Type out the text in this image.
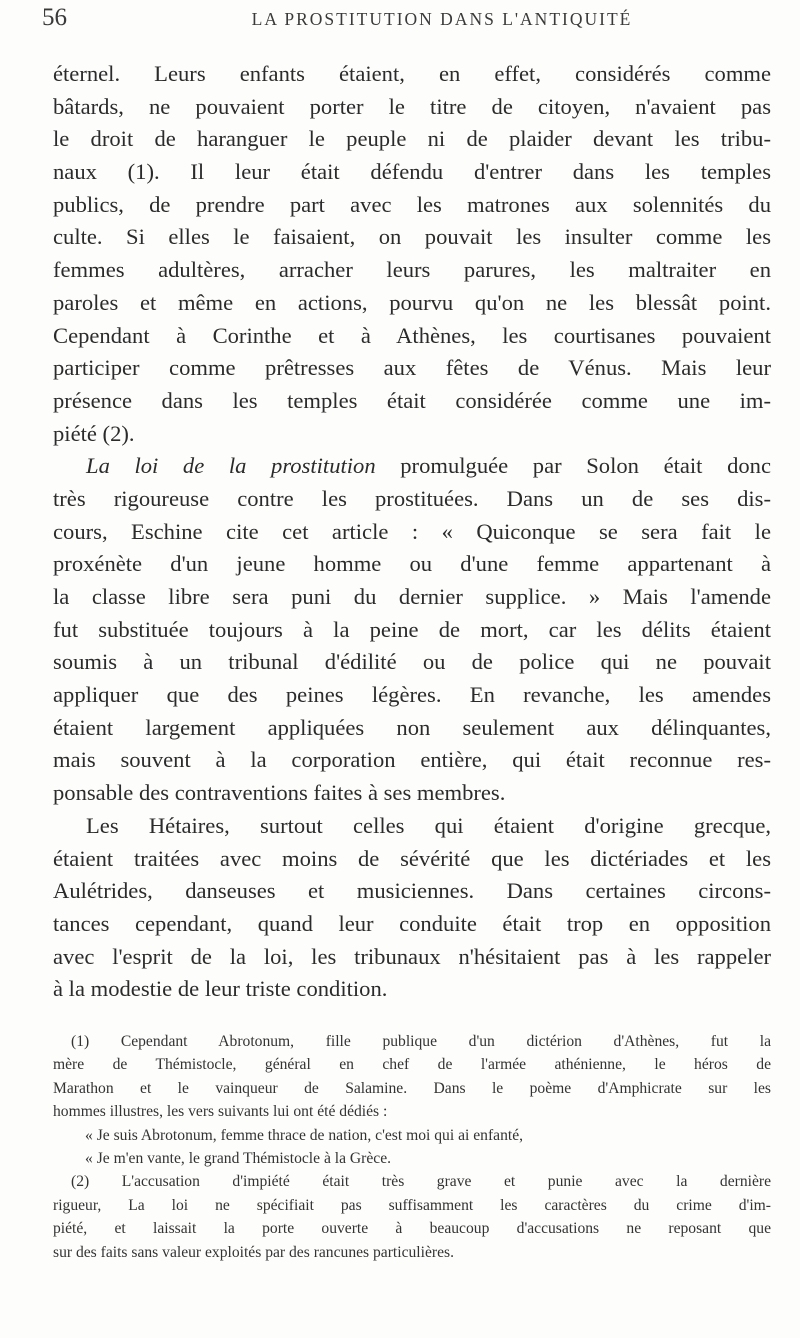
56	LA PROSTITUTION DANS L'ANTIQUITÉ
éternel. Leurs enfants étaient, en effet, considérés comme
bâtards, ne pouvaient porter le titre de citoyen, n'avaient pas
le droit de haranguer le peuple ni de plaider devant les tribu-
naux (1). Il leur était défendu d'entrer dans les temples
publics, de prendre part avec les matrones aux solennités du
culte. Si elles le faisaient, on pouvait les insulter comme les
femmes adultères, arracher leurs parures, les maltraiter en
paroles et même en actions, pourvu qu'on ne les blessât point.
Cependant à Corinthe et à Athènes, les courtisanes pouvaient
participer comme prêtresses aux fêtes de Vénus. Mais leur
présence dans les temples était considérée comme une im-
piété (2).
La loi de la prostitution promulguée par Solon était donc
très rigoureuse contre les prostituées. Dans un de ses dis-
cours, Eschine cite cet article : « Quiconque se sera fait le
proxénète d'un jeune homme ou d'une femme appartenant à
la classe libre sera puni du dernier supplice. » Mais l'amende
fut substituée toujours à la peine de mort, car les délits étaient
soumis à un tribunal d'édilité ou de police qui ne pouvait
appliquer que des peines légères. En revanche, les amendes
étaient largement appliquées non seulement aux délinquantes,
mais souvent à la corporation entière, qui était reconnue res-
ponsable des contraventions faites à ses membres.
Les Hétaires, surtout celles qui étaient d'origine grecque,
étaient traitées avec moins de sévérité que les dictériades et les
Aulétrides, danseuses et musiciennes. Dans certaines circons-
tances cependant, quand leur conduite était trop en opposition
avec l'esprit de la loi, les tribunaux n'hésitaient pas à les rappeler
à la modestie de leur triste condition.
(1) Cependant Abrotonum, fille publique d'un dictérion d'Athènes, fut la
mère de Thémistocle, général en chef de l'armée athénienne, le héros de
Marathon et le vainqueur de Salamine. Dans le poème d'Amphicrate sur les
hommes illustres, les vers suivants lui ont été dédiés :
« Je suis Abrotonum, femme thrace de nation, c'est moi qui ai enfanté,
« Je m'en vante, le grand Thémistocle à la Grèce.
(2) L'accusation d'impiété était très grave et punie avec la dernière
rigueur, La loi ne spécifiait pas suffisamment les caractères du crime d'im-
piété, et laissait la porte ouverte à beaucoup d'accusations ne reposant que
sur des faits sans valeur exploités par des rancunes particulières.
